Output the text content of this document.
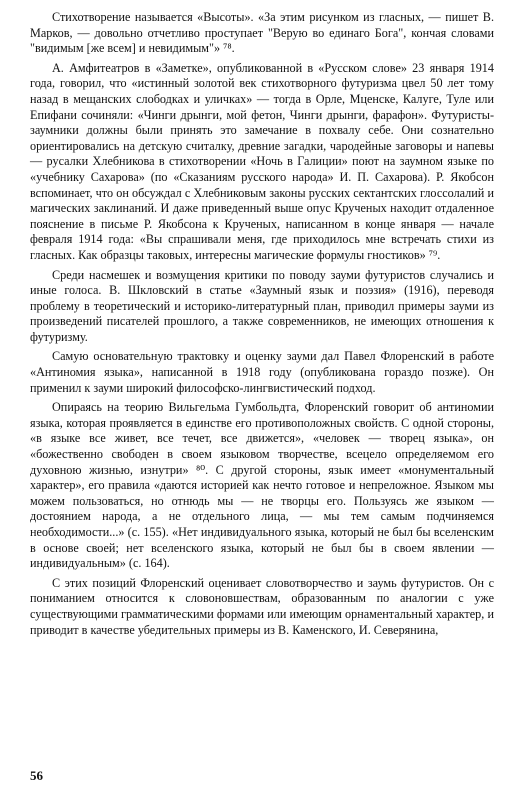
Стихотворение называется «Высоты». «За этим рисунком из гласных, — пишет В. Марков, — довольно отчетливо проступает "Верую во единаго Бога", кончая словами "видимым [же всем] и невидимым"» ⁷⁸.

А. Амфитеатров в «Заметке», опубликованной в «Русском слове» 23 января 1914 года, говорил, что «истинный золотой век стихотворного футуризма цвел 50 лет тому назад в мещанских слободках и уличках» — тогда в Орле, Мценске, Калуге, Туле или Епифани сочиняли: «Чинги дрынги, мой фетон, Чинги дрынги, фарафон». Футуристы-заумники должны были принять это замечание в похвалу себе. Они сознательно ориентировались на детскую считалку, древние загадки, чародейные заговоры и напевы — русалки Хлебникова в стихотворении «Ночь в Галиции» поют на заумном языке по «учебнику Сахарова» (по «Сказаниям русского народа» И. П. Сахарова). Р. Якобсон вспоминает, что он обсуждал с Хлебниковым законы русских сектантских глоссолалий и магических заклинаний. И даже приведенный выше опус Крученых находит отдаленное пояснение в письме Р. Якобсона к Крученых, написанном в конце января — начале февраля 1914 года: «Вы спрашивали меня, где приходилось мне встречать стихи из гласных. Как образцы таковых, интересны магические формулы гностиков» ⁷⁹.

Среди насмешек и возмущения критики по поводу зауми футуристов случались и иные голоса. В. Шкловский в статье «Заумный язык и поэзия» (1916), переводя проблему в теоретический и историко-литературный план, приводил примеры зауми из произведений писателей прошлого, а также современников, не имеющих отношения к футуризму.

Самую основательную трактовку и оценку зауми дал Павел Флоренский в работе «Антиномия языка», написанной в 1918 году (опубликована гораздо позже). Он применил к зауми широкий философско-лингвистический подход.

Опираясь на теорию Вильгельма Гумбольдта, Флоренский говорит об антиномии языка, которая проявляется в единстве его противоположных свойств. С одной стороны, «в языке все живет, все течет, все движется», «человек — творец языка», он «божественно свободен в своем языковом творчестве, всецело определяемом его духовною жизнью, изнутри» ⁸⁰. С другой стороны, язык имеет «монументальный характер», его правила «даются историей как нечто готовое и непреложное. Языком мы можем пользоваться, но отнюдь мы — не творцы его. Пользуясь же языком — достоянием народа, а не отдельного лица, — мы тем самым подчиняемся необходимости...» (с. 155). «Нет индивидуального языка, который не был бы вселенским в основе своей; нет вселенского языка, который не был бы в своем явлении — индивидуальным» (с. 164).

С этих позиций Флоренский оценивает словотворчество и заумь футуристов. Он с пониманием относится к словоновшествам, образованным по аналогии с уже существующими грамматическими формами или имеющим орнаментальный характер, и приводит в качестве убедительных примеры из В. Каменского, И. Северянина,

56
